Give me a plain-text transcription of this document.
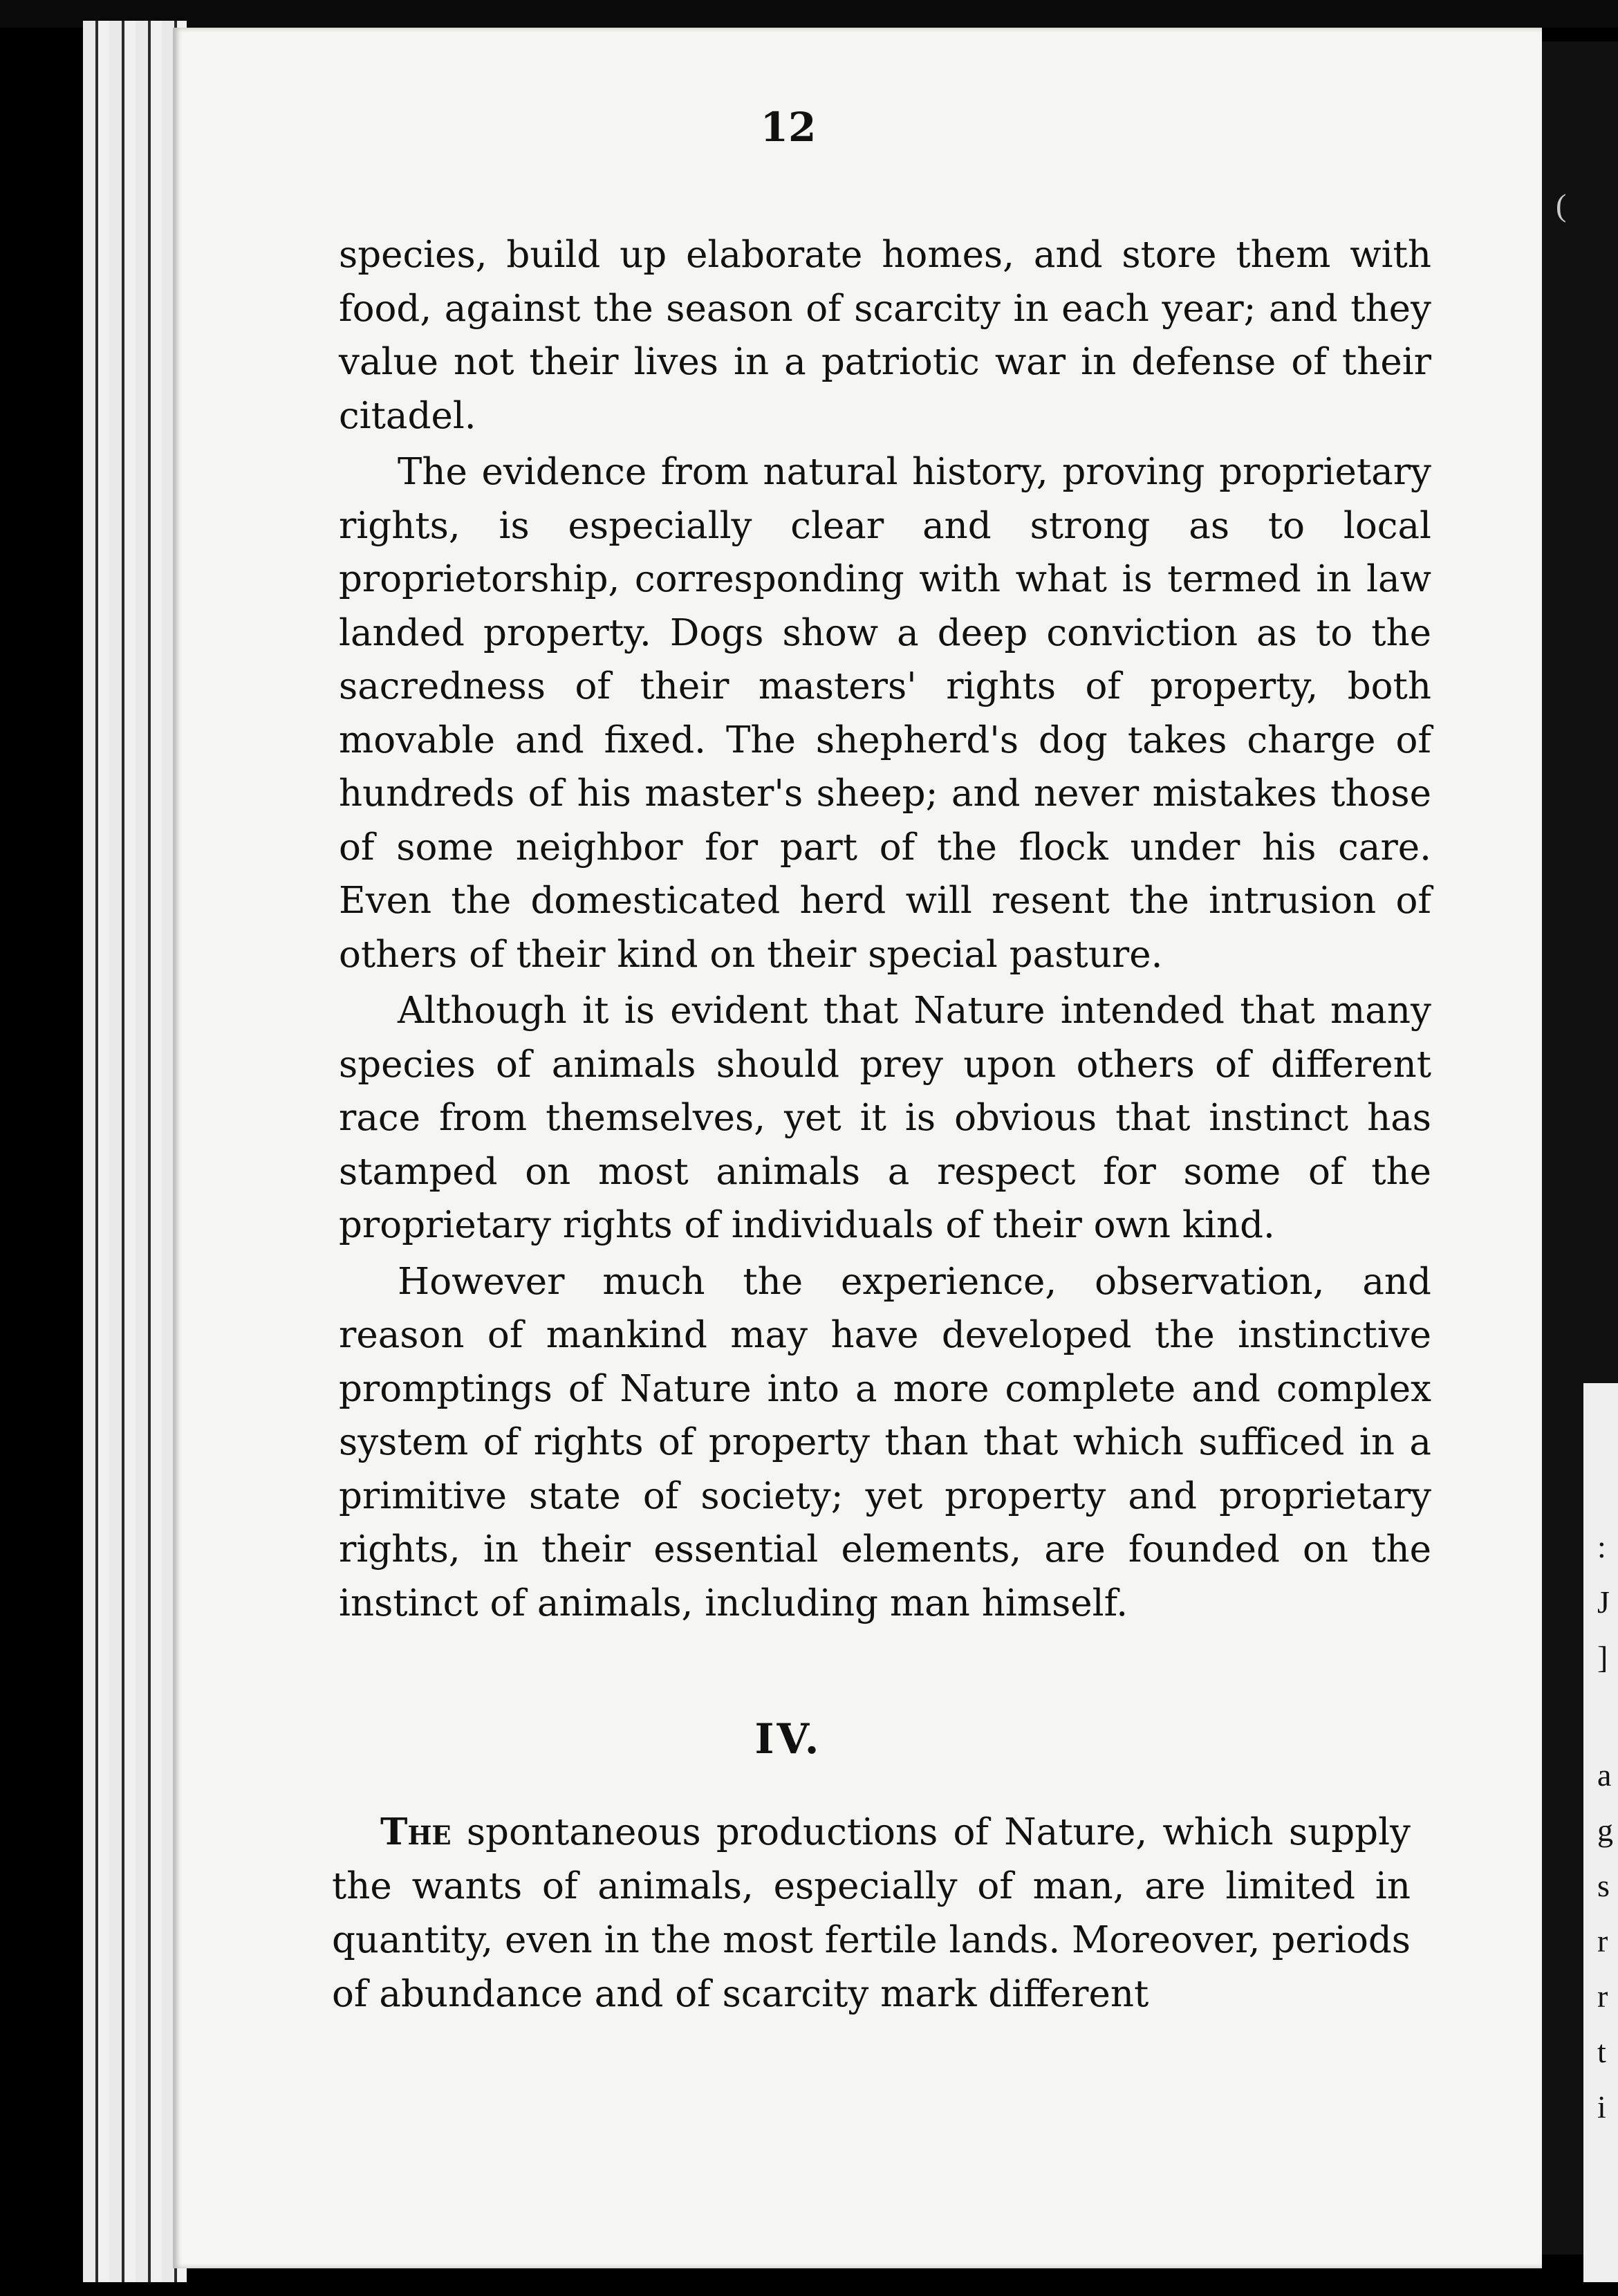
(
:
J
]
a
g
s
r
r
t
i
12

species, build up elaborate homes, and store them with food, against the season of scarcity in each year; and they value not their lives in a patriotic war in defense of their citadel.

The evidence from natural history, proving proprietary rights, is especially clear and strong as to local proprietorship, corresponding with what is termed in law landed property. Dogs show a deep conviction as to the sacredness of their masters' rights of property, both movable and fixed. The shepherd's dog takes charge of hundreds of his master's sheep; and never mistakes those of some neighbor for part of the flock under his care. Even the domesticated herd will resent the intrusion of others of their kind on their special pasture.

Although it is evident that Nature intended that many species of animals should prey upon others of different race from themselves, yet it is obvious that instinct has stamped on most animals a respect for some of the proprietary rights of individuals of their own kind.

However much the experience, observation, and reason of mankind may have developed the instinctive promptings of Nature into a more complete and complex system of rights of property than that which sufficed in a primitive state of society; yet property and proprietary rights, in their essential elements, are founded on the instinct of animals, including man himself.

IV.

The spontaneous productions of Nature, which supply the wants of animals, especially of man, are limited in quantity, even in the most fertile lands. Moreover, periods of abundance and of scarcity mark different
